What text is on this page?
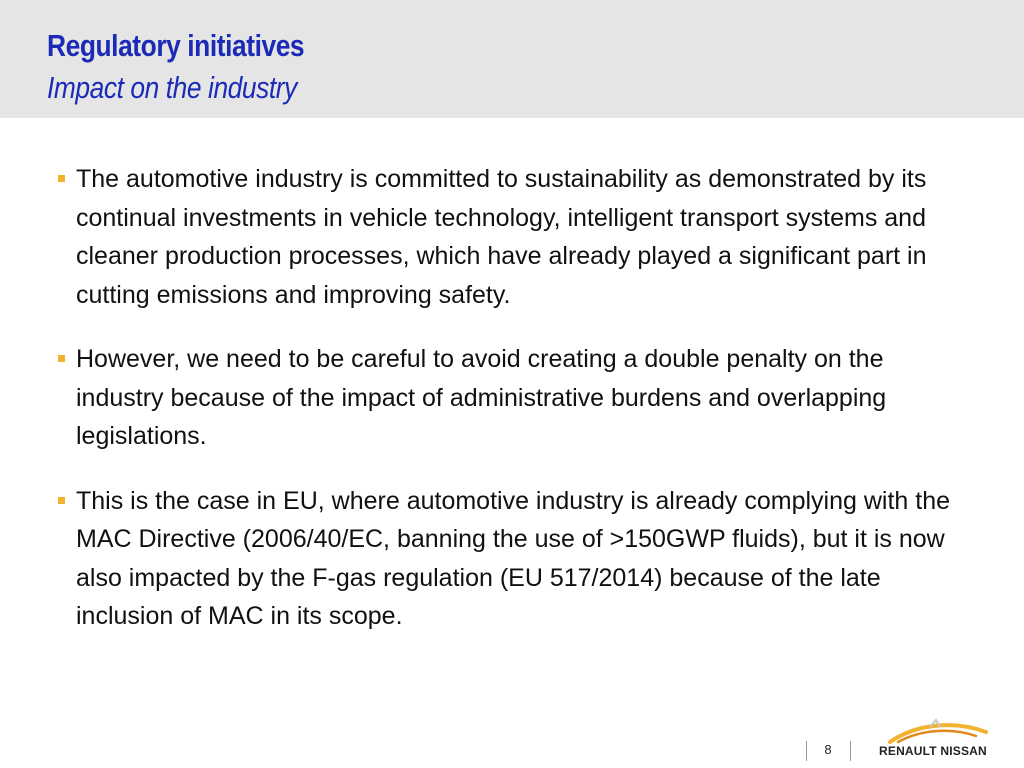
Regulatory initiatives
Impact on the industry
The automotive industry is committed to sustainability as demonstrated by its continual investments in vehicle technology, intelligent transport systems and cleaner production processes, which have already played a significant part in cutting emissions and improving safety.
However, we need to be careful to avoid creating a double penalty on the industry because of the impact of administrative burdens and overlapping legislations.
This is the case in EU, where automotive industry is already complying with the MAC Directive (2006/40/EC, banning the use of >150GWP fluids), but it is now also impacted by the F-gas regulation (EU 517/2014) because of the late inclusion of MAC in its scope.
8	RENAULT NISSAN
